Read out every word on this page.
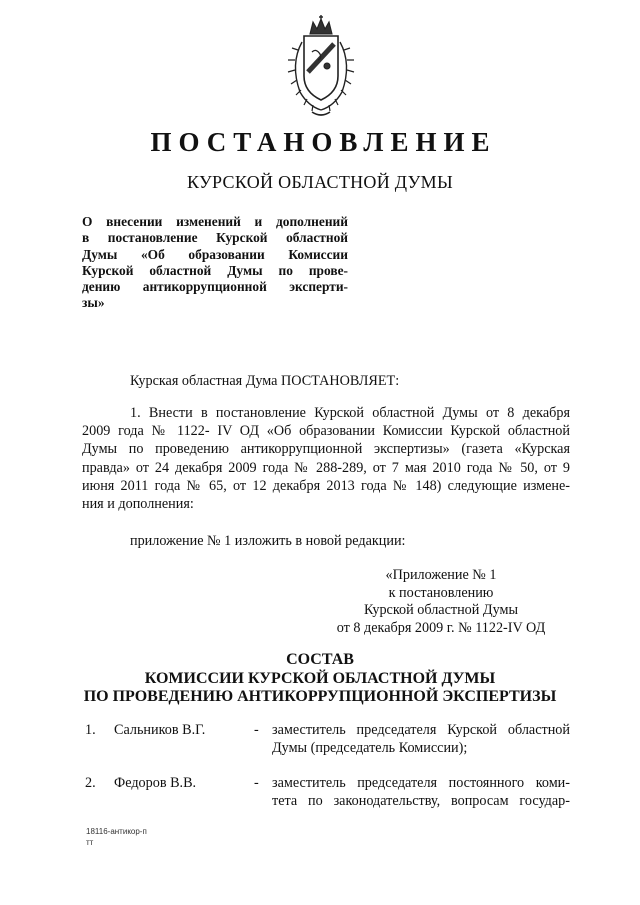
ПОСТАНОВЛЕНИЕ
КУРСКОЙ ОБЛАСТНОЙ ДУМЫ
О внесении изменений и дополнений
в постановление Курской областной
Думы «Об образовании Комиссии
Курской областной Думы по прове-
дению антикоррупционной эксперти-
зы»
Курская областная Дума ПОСТАНОВЛЯЕТ:
1. Внести в постановление Курской областной Думы от 8 декабря
2009 года № 1122- IV ОД «Об образовании Комиссии Курской областной
Думы по проведению антикоррупционной экспертизы» (газета «Курская
правда» от 24 декабря 2009 года № 288-289, от 7 мая 2010 года № 50, от 9
июня 2011 года № 65, от 12 декабря 2013 года № 148) следующие измене-
ния и дополнения:
приложение № 1 изложить в новой редакции:
«Приложение № 1
к постановлению
Курской областной Думы
от 8 декабря 2009 г. № 1122-IV ОД
СОСТАВ
КОМИССИИ КУРСКОЙ ОБЛАСТНОЙ ДУМЫ
ПО ПРОВЕДЕНИЮ АНТИКОРРУПЦИОННОЙ ЭКСПЕРТИЗЫ
1. Сальников В.Г.	- заместитель председателя Курской областной
Думы (председатель Комиссии);
2. Федоров В.В.	- заместитель председателя постоянного коми-
тета по законодательству, вопросам государ-
18116-антикор-п
тт
